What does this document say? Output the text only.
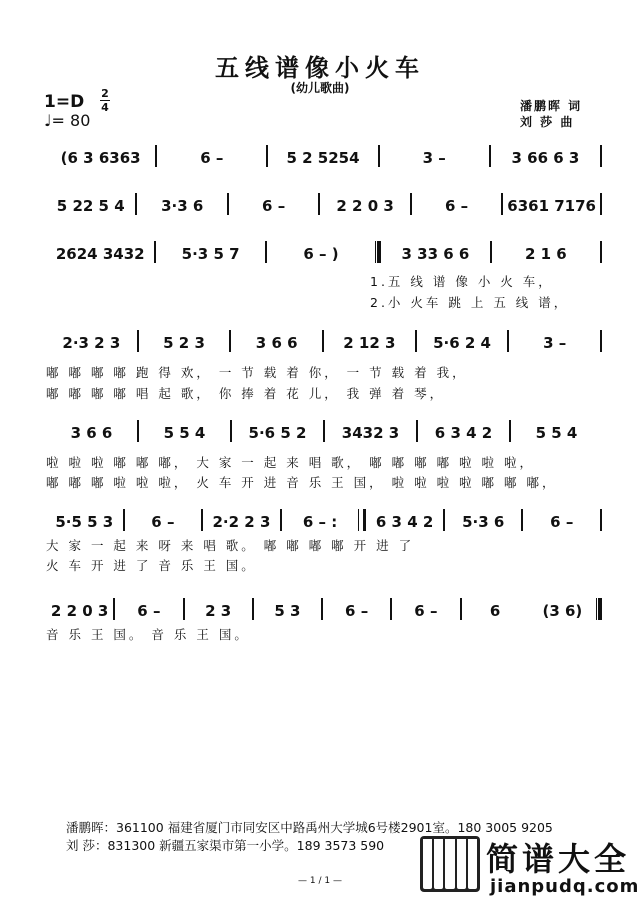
五线谱像小火车
(幼儿歌曲)
1=D 2
4
♩= 80
潘鹏晖 词
刘 莎 曲
(6 3 6363	6 –	5 2 5254	3 –	3 66 6 3
5 22 5 4	3·3 6	6 –	2 2 0 3	6 –	6361 7176
2624 3432	5·3 5 7	6 – )	3 33 6 6	2 1 6
1.五 线 谱 像 小 火 车，
2.小 火车 跳 上 五 线 谱，
2·3 2 3	5 2 3	3 6 6	2 12 3	5·6 2 4	3 –
嘟 嘟 嘟 嘟 跑 得 欢， 一 节 载 着 你， 一 节 载 着 我，
嘟 嘟 嘟 嘟 唱 起 歌， 你 捧 着 花 儿， 我 弹 着 琴，
3 6 6	5 5 4	5·6 5 2	3432 3	6 3 4 2	5 5 4
啦 啦 啦 嘟 嘟 嘟， 大 家 一 起 来 唱 歌， 嘟 嘟 嘟 嘟 啦 啦 啦，
嘟 嘟 嘟 啦 啦 啦， 火 车 开 进 音 乐 王 国， 啦 啦 啦 啦 嘟 嘟 嘟，
5·5 5 3	6 –	2·2 2 3	6 – :	6 3 4 2	5·3 6	6 –
大 家 一 起 来 呀 来 唱 歌。 嘟 嘟 嘟 嘟 开 进 了
火 车 开 进 了 音 乐 王 国。
2 2 0 3	6 –	2 3	5 3	6 –	6 –	6	(3 6)
音 乐 王 国。 音 乐 王 国。
潘鹏晖：361100 福建省厦门市同安区中路禹州大学城6号楼2901室。180 3005 9205
刘 莎：831300 新疆五家渠市第一小学。189 3573 590
— 1 / 1 —
简谱大全
jianpudq.com
